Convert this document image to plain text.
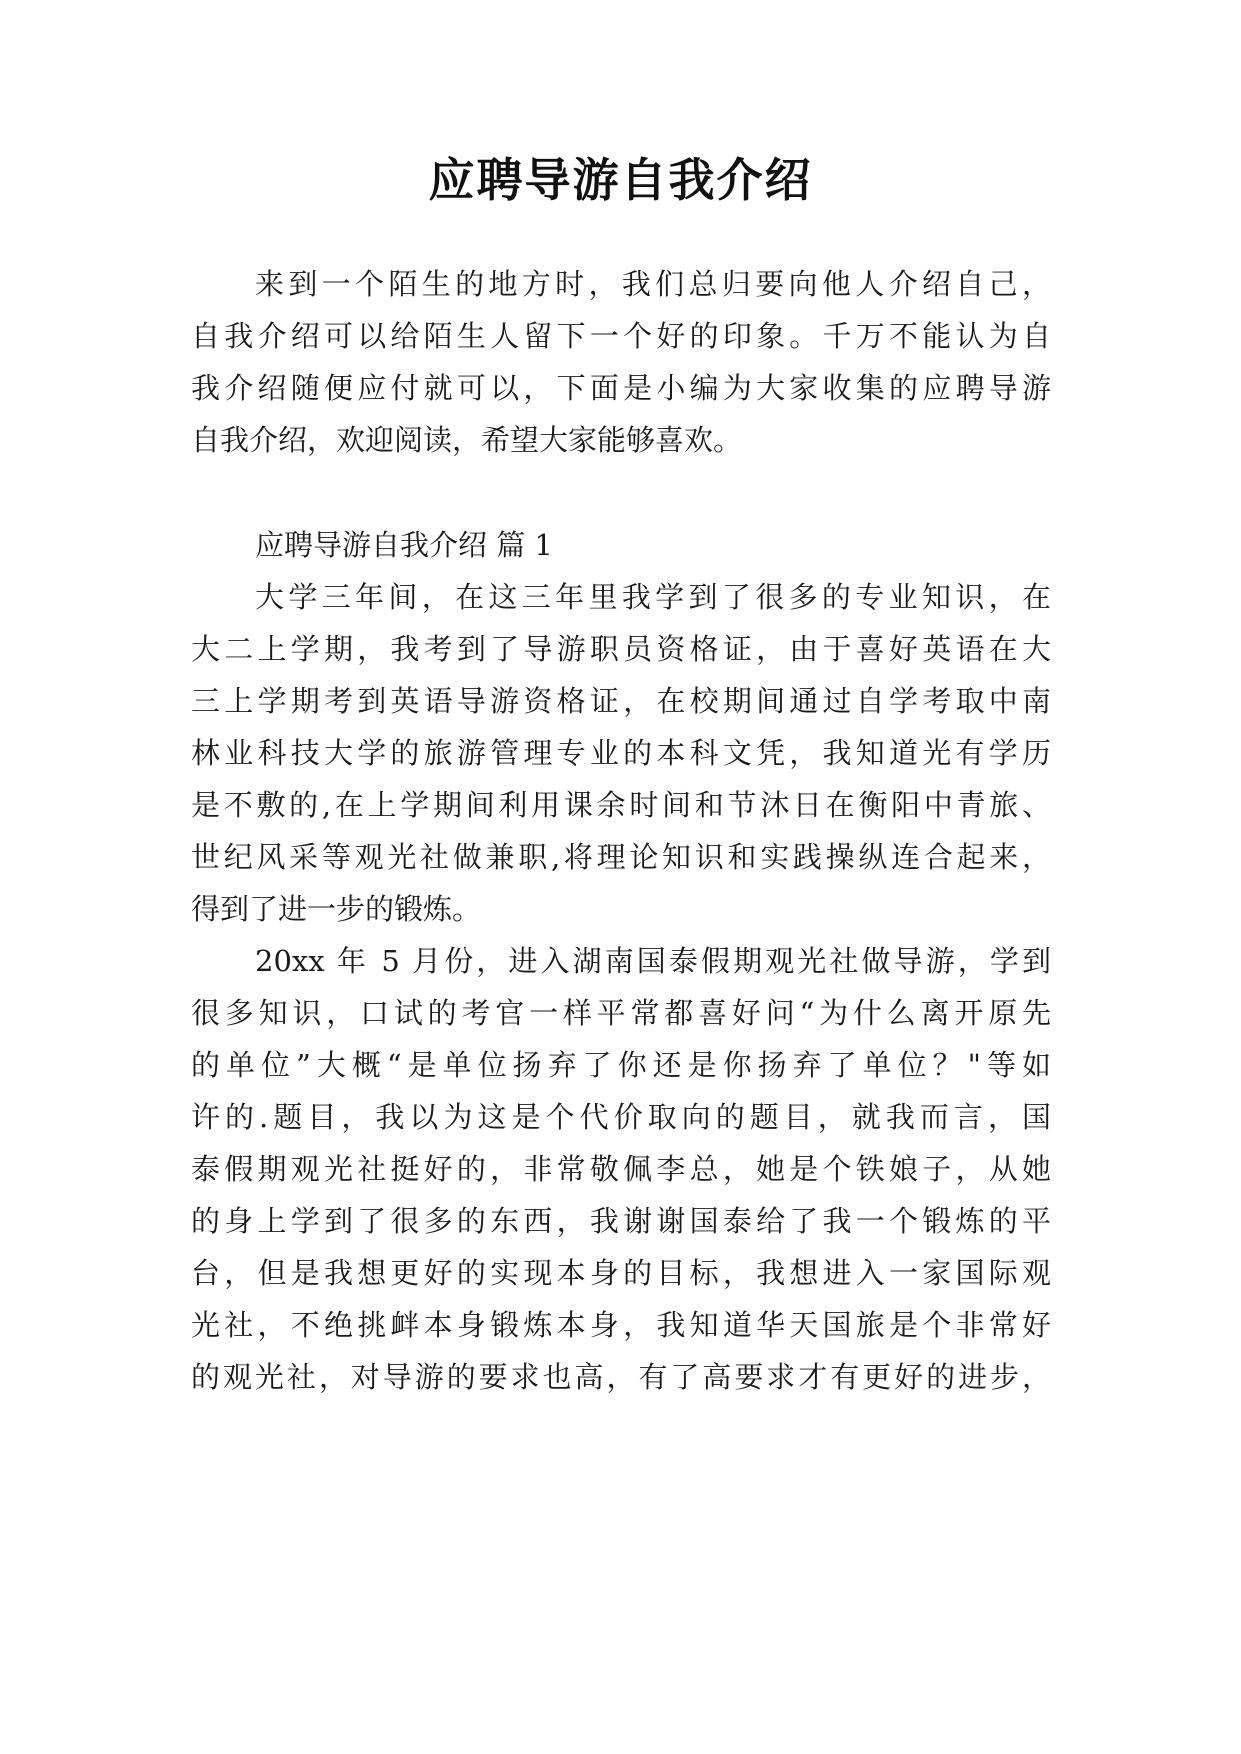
应聘导游自我介绍
来到一个陌生的地方时，我们总归要向他人介绍自己，
自我介绍可以给陌生人留下一个好的印象。千万不能认为自
我介绍随便应付就可以，下面是小编为大家收集的应聘导游
自我介绍，欢迎阅读，希望大家能够喜欢。
应聘导游自我介绍 篇 1
大学三年间，在这三年里我学到了很多的专业知识，在
大二上学期，我考到了导游职员资格证，由于喜好英语在大
三上学期考到英语导游资格证，在校期间通过自学考取中南
林业科技大学的旅游管理专业的本科文凭，我知道光有学历
是不敷的,在上学期间利用课余时间和节沐日在衡阳中青旅、
世纪风采等观光社做兼职,将理论知识和实践操纵连合起来，
得到了进一步的锻炼。
20xx 年 5 月份，进入湖南国泰假期观光社做导游，学到
很多知识，口试的考官一样平常都喜好问“为什么离开原先
的单位”大概“是单位扬弃了你还是你扬弃了单位？"等如
许的.题目，我以为这是个代价取向的题目，就我而言，国
泰假期观光社挺好的，非常敬佩李总，她是个铁娘子，从她
的身上学到了很多的东西，我谢谢国泰给了我一个锻炼的平
台，但是我想更好的实现本身的目标，我想进入一家国际观
光社，不绝挑衅本身锻炼本身，我知道华天国旅是个非常好
的观光社，对导游的要求也高，有了高要求才有更好的进步，
